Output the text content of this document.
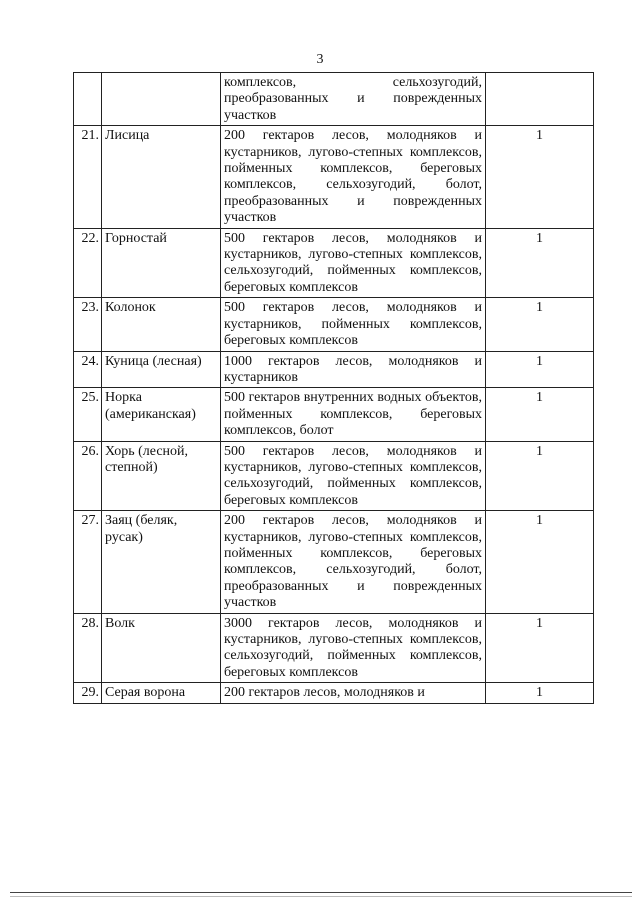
3
		комплексов, сельхозугодий, преобразованных и поврежденных участков	
21.	Лисица	200 гектаров лесов, молодняков и кустарников, лугово-степных комплексов, пойменных комплексов, береговых комплексов, сельхозугодий, болот, преобразованных и поврежденных участков	1
22.	Горностай	500 гектаров лесов, молодняков и кустарников, лугово-степных комплексов, сельхозугодий, пойменных комплексов, береговых комплексов	1
23.	Колонок	500 гектаров лесов, молодняков и кустарников, пойменных комплексов, береговых комплексов	1
24.	Куница (лесная)	1000 гектаров лесов, молодняков и кустарников	1
25.	Норка (американская)	500 гектаров внутренних водных объектов, пойменных комплексов, береговых комплексов, болот	1
26.	Хорь (лесной, степной)	500 гектаров лесов, молодняков и кустарников, лугово-степных комплексов, сельхозугодий, пойменных комплексов, береговых комплексов	1
27.	Заяц (беляк, русак)	200 гектаров лесов, молодняков и кустарников, лугово-степных комплексов, пойменных комплексов, береговых комплексов, сельхозугодий, болот, преобразованных и поврежденных участков	1
28.	Волк	3000 гектаров лесов, молодняков и кустарников, лугово-степных комплексов, сельхозугодий, пойменных комплексов, береговых комплексов	1
29.	Серая ворона	200 гектаров лесов, молодняков и	1
